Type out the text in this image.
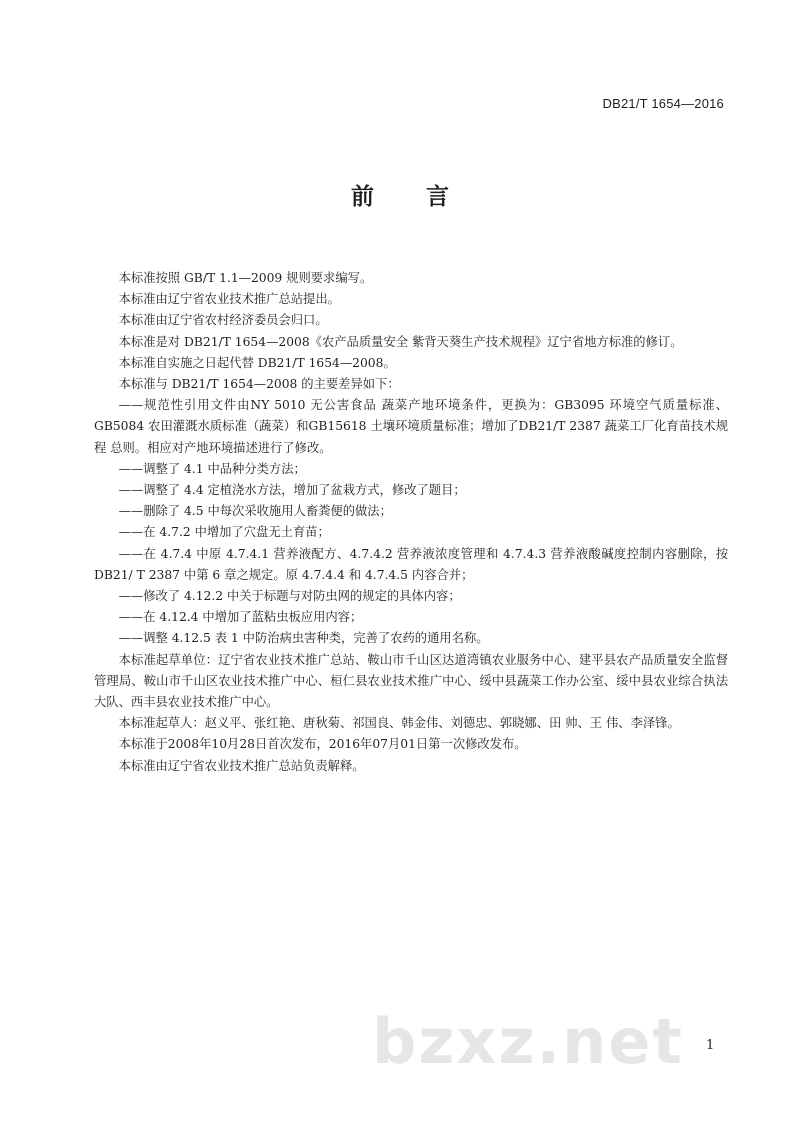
DB21/T 1654—2016
前 言

本标准按照 GB/T 1.1—2009 规则要求编写。

本标准由辽宁省农业技术推广总站提出。

本标准由辽宁省农村经济委员会归口。

本标准是对 DB21/T 1654—2008《农产品质量安全 紫背天葵生产技术规程》辽宁省地方标准的修订。

本标准自实施之日起代替 DB21/T 1654—2008。

本标准与 DB21/T 1654—2008 的主要差异如下：

——规范性引用文件由NY 5010 无公害食品 蔬菜产地环境条件，更换为：GB3095 环境空气质量标准、GB5084 农田灌溉水质标准（蔬菜）和GB15618 土壤环境质量标准；增加了DB21/T 2387 蔬菜工厂化育苗技术规程 总则。相应对产地环境描述进行了修改。

——调整了 4.1 中品种分类方法；

——调整了 4.4 定植浇水方法，增加了盆栽方式，修改了题目；

——删除了 4.5 中每次采收施用人畜粪便的做法；

——在 4.7.2 中增加了穴盘无土育苗；

——在 4.7.4 中原 4.7.4.1 营养液配方、4.7.4.2 营养液浓度管理和 4.7.4.3 营养液酸碱度控制内容删除，按 DB21/ T 2387 中第 6 章之规定。原 4.7.4.4 和 4.7.4.5 内容合并；

——修改了 4.12.2 中关于标题与对防虫网的规定的具体内容；

——在 4.12.4 中增加了蓝粘虫板应用内容；

——调整 4.12.5 表 1 中防治病虫害种类，完善了农药的通用名称。

本标准起草单位：辽宁省农业技术推广总站、鞍山市千山区达道湾镇农业服务中心、建平县农产品质量安全监督管理局、鞍山市千山区农业技术推广中心、桓仁县农业技术推广中心、绥中县蔬菜工作办公室、绥中县农业综合执法大队、西丰县农业技术推广中心。

本标准起草人：赵义平、张红艳、唐秋菊、祁国良、韩金伟、刘德忠、郭晓娜、田 帅、王 伟、李泽锋。

本标准于2008年10月28日首次发布，2016年07月01日第一次修改发布。

本标准由辽宁省农业技术推广总站负责解释。

bzxz.net 1
